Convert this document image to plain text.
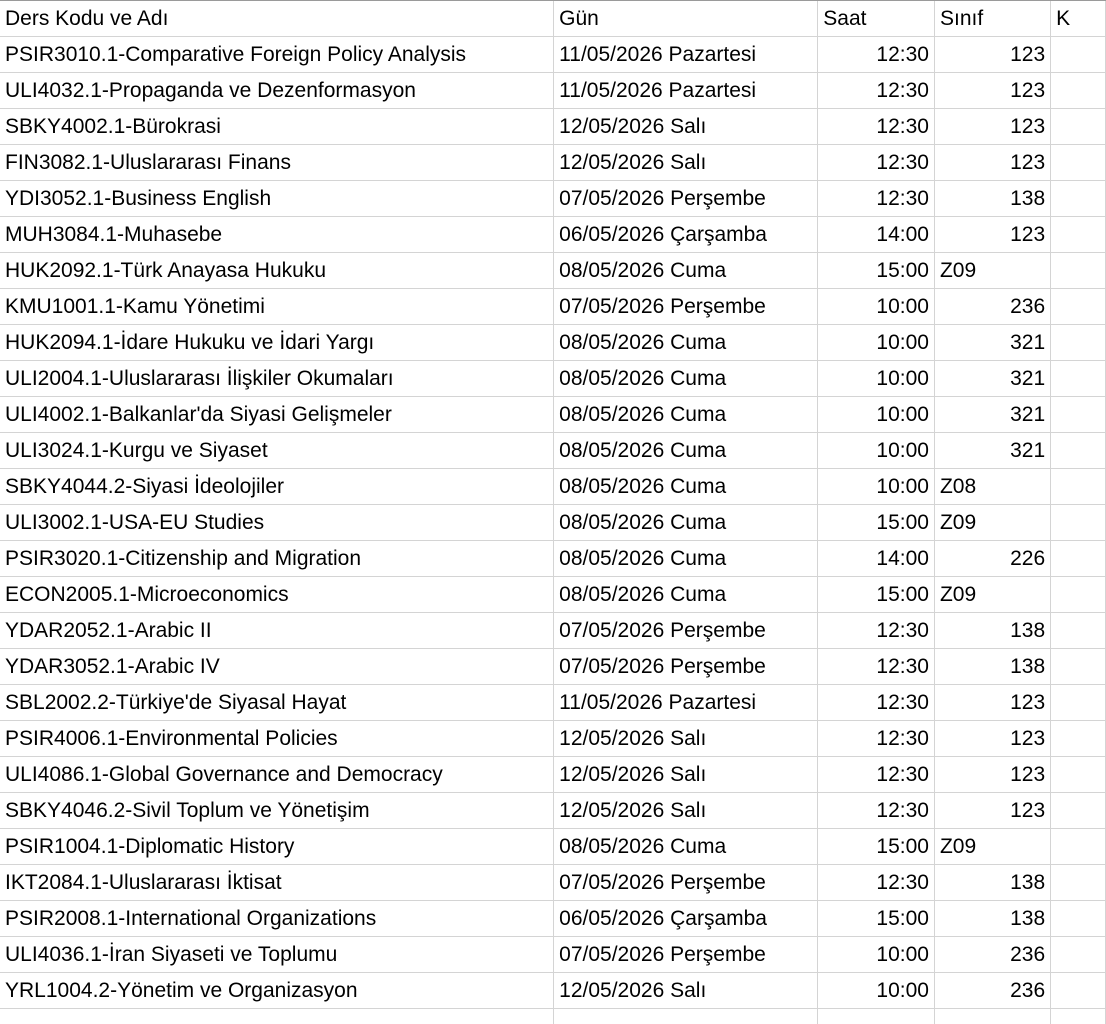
Ders Kodu ve Adı	Gün	Saat	Sınıf	K
PSIR3010.1-Comparative Foreign Policy Analysis	11/05/2026 Pazartesi	12:30	123	
ULI4032.1-Propaganda ve Dezenformasyon	11/05/2026 Pazartesi	12:30	123	
SBKY4002.1-Bürokrasi	12/05/2026 Salı	12:30	123	
FIN3082.1-Uluslararası Finans	12/05/2026 Salı	12:30	123	
YDI3052.1-Business English	07/05/2026 Perşembe	12:30	138	
MUH3084.1-Muhasebe	06/05/2026 Çarşamba	14:00	123	
HUK2092.1-Türk Anayasa Hukuku	08/05/2026 Cuma	15:00	Z09	
KMU1001.1-Kamu Yönetimi	07/05/2026 Perşembe	10:00	236	
HUK2094.1-İdare Hukuku ve İdari Yargı	08/05/2026 Cuma	10:00	321	
ULI2004.1-Uluslararası İlişkiler Okumaları	08/05/2026 Cuma	10:00	321	
ULI4002.1-Balkanlar'da Siyasi Gelişmeler	08/05/2026 Cuma	10:00	321	
ULI3024.1-Kurgu ve Siyaset	08/05/2026 Cuma	10:00	321	
SBKY4044.2-Siyasi İdeolojiler	08/05/2026 Cuma	10:00	Z08	
ULI3002.1-USA-EU Studies	08/05/2026 Cuma	15:00	Z09	
PSIR3020.1-Citizenship and Migration	08/05/2026 Cuma	14:00	226	
ECON2005.1-Microeconomics	08/05/2026 Cuma	15:00	Z09	
YDAR2052.1-Arabic II	07/05/2026 Perşembe	12:30	138	
YDAR3052.1-Arabic IV	07/05/2026 Perşembe	12:30	138	
SBL2002.2-Türkiye'de Siyasal Hayat	11/05/2026 Pazartesi	12:30	123	
PSIR4006.1-Environmental Policies	12/05/2026 Salı	12:30	123	
ULI4086.1-Global Governance and Democracy	12/05/2026 Salı	12:30	123	
SBKY4046.2-Sivil Toplum ve Yönetişim	12/05/2026 Salı	12:30	123	
PSIR1004.1-Diplomatic History	08/05/2026 Cuma	15:00	Z09	
IKT2084.1-Uluslararası İktisat	07/05/2026 Perşembe	12:30	138	
PSIR2008.1-International Organizations	06/05/2026 Çarşamba	15:00	138	
ULI4036.1-İran Siyaseti ve Toplumu	07/05/2026 Perşembe	10:00	236	
YRL1004.2-Yönetim ve Organizasyon	12/05/2026 Salı	10:00	236	
